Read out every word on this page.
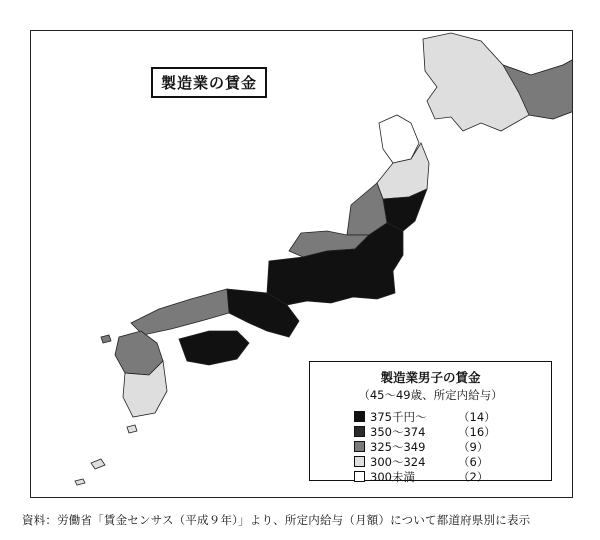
製造業の賃金
製造業男子の賃金
（45～49歳、所定内給与）
375千円～	（14）
350～374	（16）
325～349	（9）
300～324	（6）
300未満	（2）
資料：労働省「賃金センサス（平成９年）」より、所定内給与（月額）について都道府県別に表示
